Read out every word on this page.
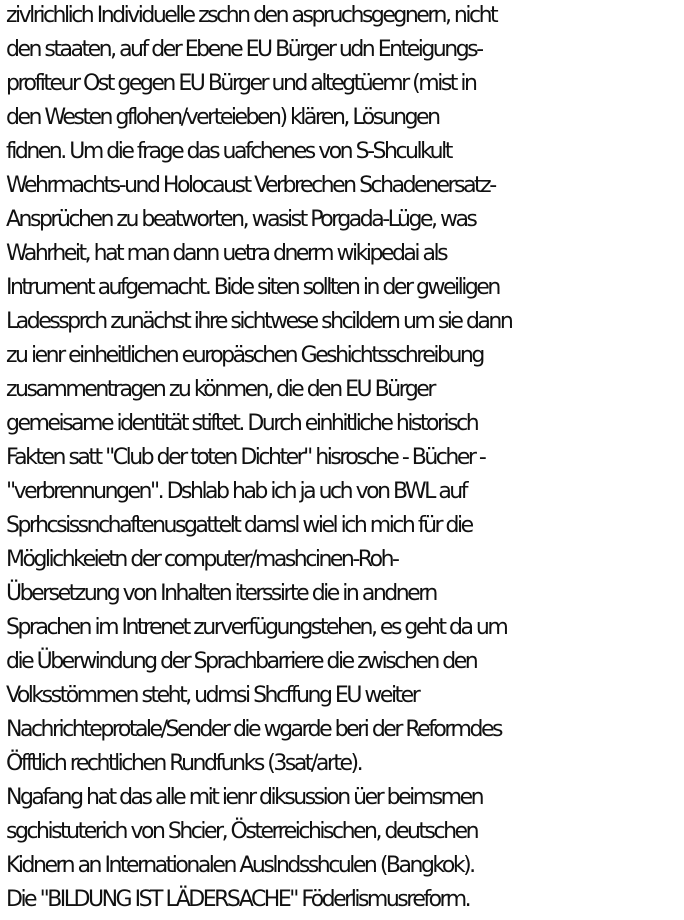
zivlrichlich Individuelle zschn den aspruchsgegnern, nicht
den staaten, auf der Ebene EU Bürger udn Enteigungs-
profiteur Ost gegen EU Bürger und altegtüemr (mist in
den Westen gflohen/verteieben) klären, Lösungen
fidnen. Um die frage das uafchenes von S-Shculkult
Wehrmachts-und Holocaust Verbrechen Schadenersatz-
Ansprüchen zu beatworten, wasist Porgada-Lüge, was
Wahrheit, hat man dann uetra dnerm wikipedai als
Intrument aufgemacht. Bide siten sollten in der gweiligen
Ladessprch zunächst ihre sichtwese shcildern um sie dann
zu ienr einheitlichen europäschen Geshichtsschreibung
zusammentragen zu könmen, die den EU Bürger
gemeisame identität stiftet. Durch einhitliche historisch
Fakten satt "Club der toten Dichter" hisrosche - Bücher -
"verbrennungen". Dshlab hab ich ja uch von BWL auf
Sprhcsissnchaftenusgattelt damsl wiel ich mich für die
Möglichkeietn der computer/mashcinen-Roh-
Übersetzung von Inhalten iterssirte die in andnern
Sprachen im Intrenet zurverfügungstehen, es geht da um
die Überwindung der Sprachbarriere die zwischen den
Volksstömmen steht, udmsi Shcffung EU weiter
Nachrichteprotale/Sender die wgarde beri der Reformdes
Öfftlich rechtlichen Rundfunks (3sat/arte).
Ngafang hat das alle mit ienr diksussion üer beimsmen
sgchistuterich von Shcier, Österreichischen, deutschen
Kidnern an Internationalen Auslndsshculen (Bangkok).
Die "BILDUNG IST LÄDERSACHE" Föderlismusreform.
